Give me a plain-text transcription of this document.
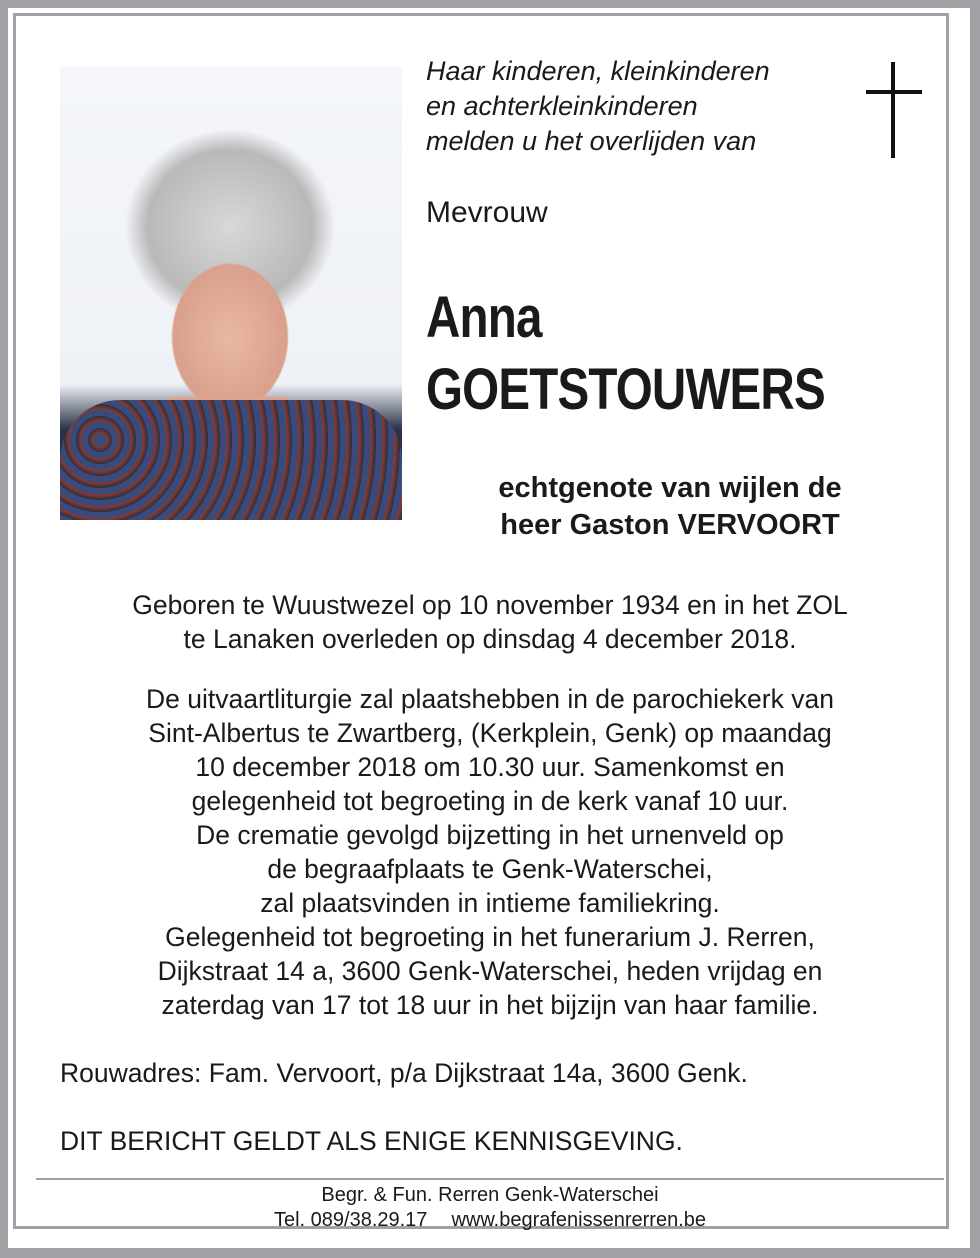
Haar kinderen, kleinkinderen
en achterkleinkinderen
melden u het overlijden van
Mevrouw
Anna
GOETSTOUWERS
echtgenote van wijlen de
heer Gaston VERVOORT
Geboren te Wuustwezel op 10 november 1934 en in het ZOL
te Lanaken overleden op dinsdag 4 december 2018.
De uitvaartliturgie zal plaatshebben in de parochiekerk van
Sint-Albertus te Zwartberg, (Kerkplein, Genk) op maandag
10 december 2018 om 10.30 uur. Samenkomst en
gelegenheid tot begroeting in de kerk vanaf 10 uur.
De crematie gevolgd bijzetting in het urnenveld op
de begraafplaats te Genk-Waterschei,
zal plaatsvinden in intieme familiekring.
Gelegenheid tot begroeting in het funerarium J. Rerren,
Dijkstraat 14 a, 3600 Genk-Waterschei, heden vrijdag en
zaterdag van 17 tot 18 uur in het bijzijn van haar familie.
Rouwadres: Fam. Vervoort, p/a Dijkstraat 14a, 3600 Genk.
DIT BERICHT GELDT ALS ENIGE KENNISGEVING.
Begr. & Fun. Rerren Genk-Waterschei
Tel. 089/38.29.17 www.begrafenissenrerren.be
